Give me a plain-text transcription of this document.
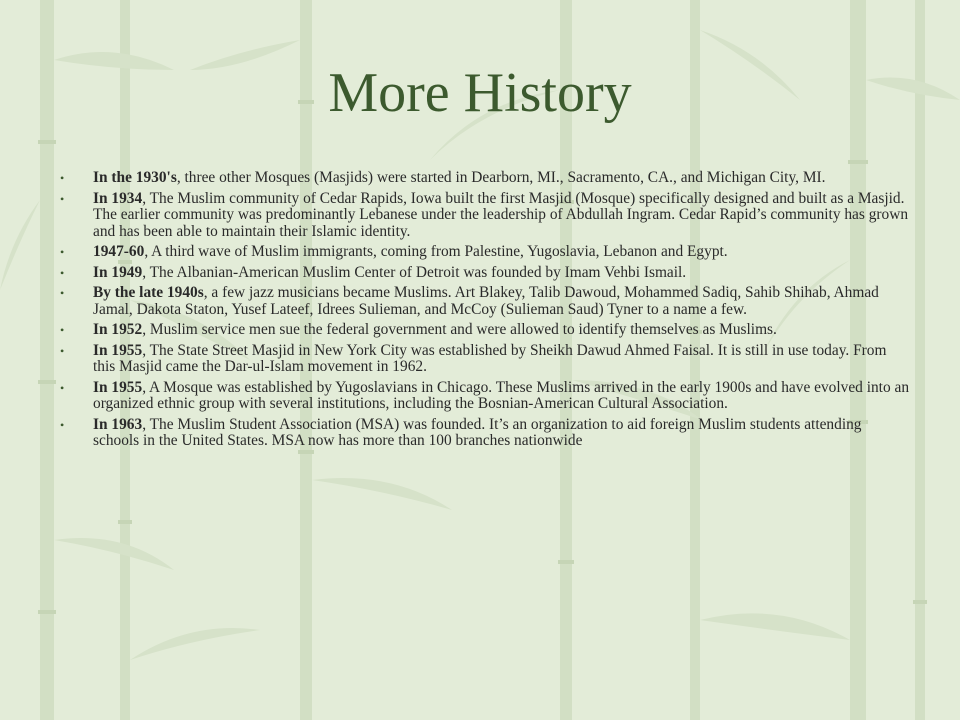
More History
• In the 1930's, three other Mosques (Masjids) were started in Dearborn, MI., Sacramento, CA., and Michigan City, MI.
• In 1934, The Muslim community of Cedar Rapids, Iowa built the first Masjid (Mosque) specifically designed and built as a Masjid. The earlier community was predominantly Lebanese under the leadership of Abdullah Ingram. Cedar Rapid’s community has grown and has been able to maintain their Islamic identity.
• 1947-60, A third wave of Muslim immigrants, coming from Palestine, Yugoslavia, Lebanon and Egypt.
• In 1949, The Albanian-American Muslim Center of Detroit was founded by Imam Vehbi Ismail.
• By the late 1940s, a few jazz musicians became Muslims. Art Blakey, Talib Dawoud, Mohammed Sadiq, Sahib Shihab, Ahmad Jamal, Dakota Staton, Yusef Lateef, Idrees Sulieman, and McCoy (Sulieman Saud) Tyner to a name a few.
• In 1952, Muslim service men sue the federal government and were allowed to identify themselves as Muslims.
• In 1955, The State Street Masjid in New York City was established by Sheikh Dawud Ahmed Faisal. It is still in use today. From this Masjid came the Dar-ul-Islam movement in 1962.
• In 1955, A Mosque was established by Yugoslavians in Chicago. These Muslims arrived in the early 1900s and have evolved into an organized ethnic group with several institutions, including the Bosnian-American Cultural Association.
• In 1963, The Muslim Student Association (MSA) was founded. It’s an organization to aid foreign Muslim students attending schools in the United States. MSA now has more than 100 branches nationwide
